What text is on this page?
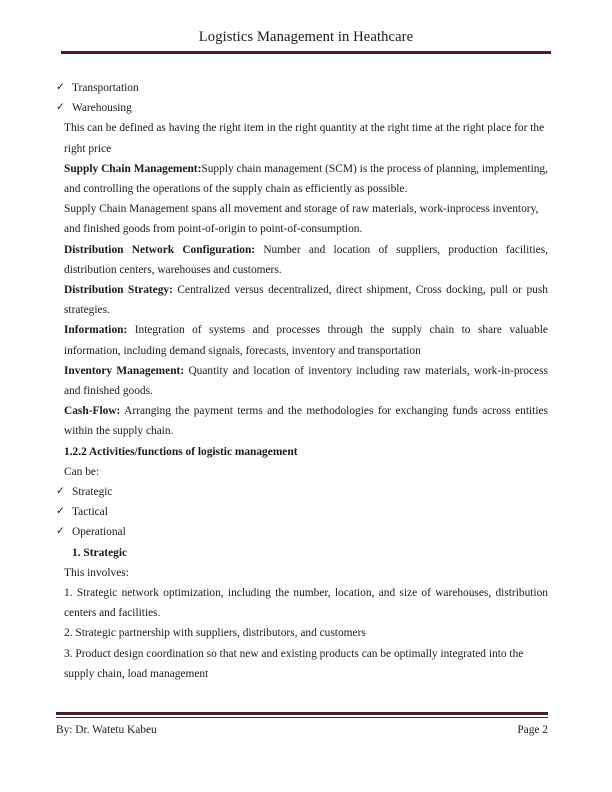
Logistics Management in Heathcare
✓ Transportation
✓ Warehousing

This can be defined as having the right item in the right quantity at the right time at the right place for the right price

Supply Chain Management:Supply chain management (SCM) is the process of planning, implementing, and controlling the operations of the supply chain as efficiently as possible.

Supply Chain Management spans all movement and storage of raw materials, work-inprocess inventory, and finished goods from point-of-origin to point-of-consumption.

Distribution Network Configuration: Number and location of suppliers, production facilities, distribution centers, warehouses and customers.

Distribution Strategy: Centralized versus decentralized, direct shipment, Cross docking, pull or push strategies.

Information: Integration of systems and processes through the supply chain to share valuable information, including demand signals, forecasts, inventory and transportation

Inventory Management: Quantity and location of inventory including raw materials, work-in-process and finished goods.

Cash-Flow: Arranging the payment terms and the methodologies for exchanging funds across entities within the supply chain.

1.2.2 Activities/functions of logistic management

Can be:

✓ Strategic
✓ Tactical
✓ Operational

1. Strategic

This involves:

1. Strategic network optimization, including the number, location, and size of warehouses, distribution centers and facilities.

2. Strategic partnership with suppliers, distributors, and customers

3. Product design coordination so that new and existing products can be optimally integrated into the supply chain, load management

By: Dr. Watetu Kabeu	Page 2
